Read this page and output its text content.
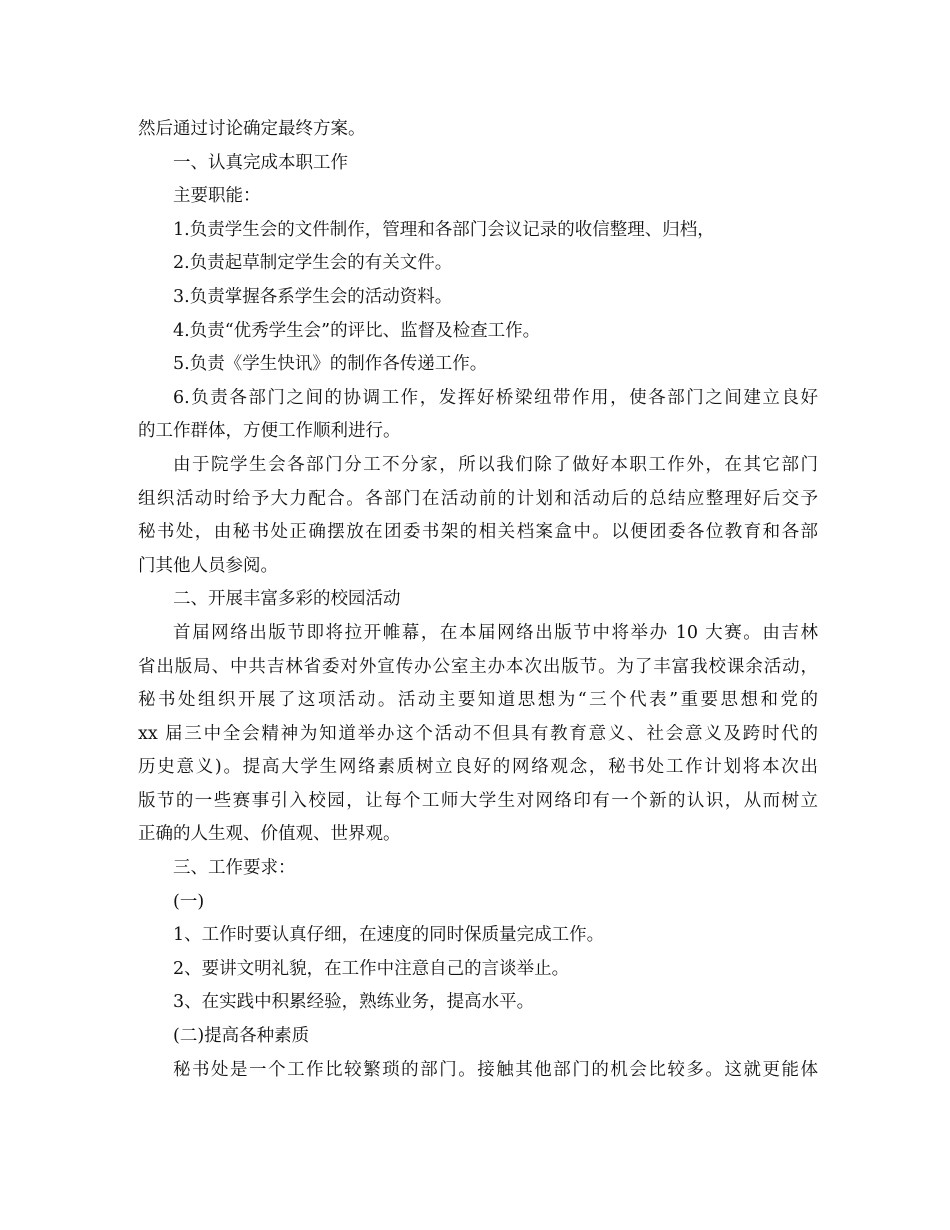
然后通过讨论确定最终方案。
一、认真完成本职工作
主要职能：
1.负责学生会的文件制作，管理和各部门会议记录的收信整理、归档，
2.负责起草制定学生会的有关文件。
3.负责掌握各系学生会的活动资料。
4.负责“优秀学生会”的评比、监督及检查工作。
5.负责《学生快讯》的制作各传递工作。
6.负责各部门之间的协调工作，发挥好桥梁纽带作用，使各部门之间建立良好
的工作群体，方便工作顺利进行。
由于院学生会各部门分工不分家，所以我们除了做好本职工作外，在其它部门
组织活动时给予大力配合。各部门在活动前的计划和活动后的总结应整理好后交予
秘书处，由秘书处正确摆放在团委书架的相关档案盒中。以便团委各位教育和各部
门其他人员参阅。
二、开展丰富多彩的校园活动
首届网络出版节即将拉开帷幕，在本届网络出版节中将举办 10 大赛。由吉林
省出版局、中共吉林省委对外宣传办公室主办本次出版节。为了丰富我校课余活动，
秘书处组织开展了这项活动。活动主要知道思想为“三个代表”重要思想和党的
xx 届三中全会精神为知道举办这个活动不但具有教育意义、社会意义及跨时代的
历史意义)。提高大学生网络素质树立良好的网络观念，秘书处工作计划将本次出
版节的一些赛事引入校园，让每个工师大学生对网络印有一个新的认识，从而树立
正确的人生观、价值观、世界观。
三、工作要求：
(一)
1、工作时要认真仔细，在速度的同时保质量完成工作。
2、要讲文明礼貌，在工作中注意自己的言谈举止。
3、在实践中积累经验，熟练业务，提高水平。
(二)提高各种素质
秘书处是一个工作比较繁琐的部门。接触其他部门的机会比较多。这就更能体
